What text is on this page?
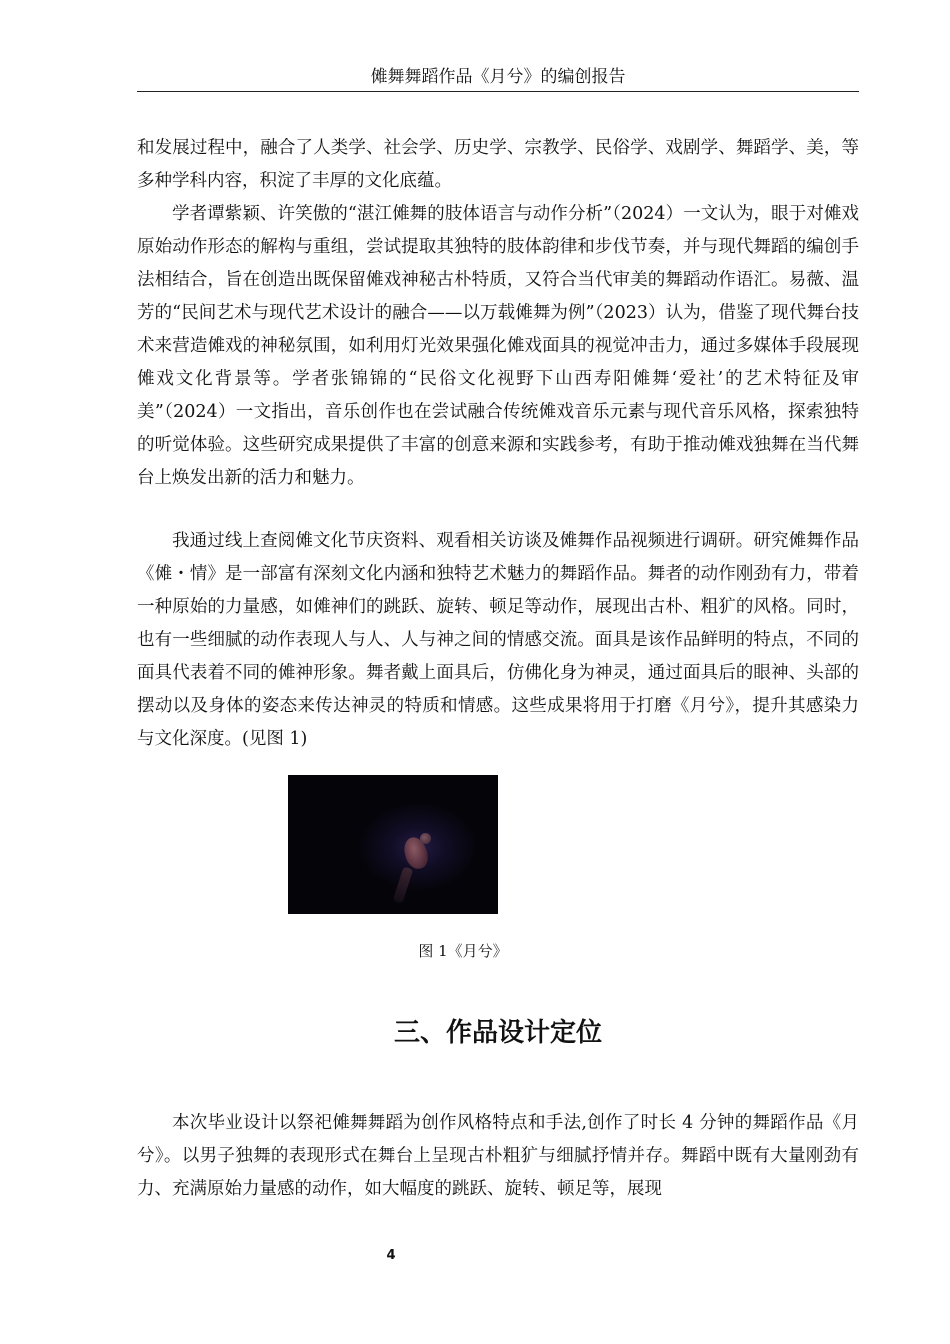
傩舞舞蹈作品《月兮》的编创报告

和发展过程中，融合了人类学、社会学、历史学、宗教学、民俗学、戏剧学、舞蹈学、美，等多种学科内容，积淀了丰厚的文化底蕴。

学者谭紫颖、许笑傲的“湛江傩舞的肢体语言与动作分析”（2024）一文认为，眼于对傩戏原始动作形态的解构与重组，尝试提取其独特的肢体韵律和步伐节奏，并与现代舞蹈的编创手法相结合，旨在创造出既保留傩戏神秘古朴特质，又符合当代审美的舞蹈动作语汇。易薇、温芳的“民间艺术与现代艺术设计的融合——以万载傩舞为例”（2023）认为，借鉴了现代舞台技术来营造傩戏的神秘氛围，如利用灯光效果强化傩戏面具的视觉冲击力，通过多媒体手段展现傩戏文化背景等。学者张锦锦的“民俗文化视野下山西寿阳傩舞‘爱社’的艺术特征及审美”（2024）一文指出，音乐创作也在尝试融合传统傩戏音乐元素与现代音乐风格，探索独特的听觉体验。这些研究成果提供了丰富的创意来源和实践参考，有助于推动傩戏独舞在当代舞台上焕发出新的活力和魅力。

我通过线上查阅傩文化节庆资料、观看相关访谈及傩舞作品视频进行调研。研究傩舞作品《傩・情》是一部富有深刻文化内涵和独特艺术魅力的舞蹈作品。舞者的动作刚劲有力，带着一种原始的力量感，如傩神们的跳跃、旋转、顿足等动作，展现出古朴、粗犷的风格。同时，也有一些细腻的动作表现人与人、人与神之间的情感交流。面具是该作品鲜明的特点，不同的面具代表着不同的傩神形象。舞者戴上面具后，仿佛化身为神灵，通过面具后的眼神、头部的摆动以及身体的姿态来传达神灵的特质和情感。这些成果将用于打磨《月兮》，提升其感染力与文化深度。(见图 1)

图 1《月兮》
三、作品设计定位

本次毕业设计以祭祀傩舞舞蹈为创作风格特点和手法,创作了时长 4 分钟的舞蹈作品《月兮》。以男子独舞的表现形式在舞台上呈现古朴粗犷与细腻抒情并存。舞蹈中既有大量刚劲有力、充满原始力量感的动作，如大幅度的跳跃、旋转、顿足等，展现

4
